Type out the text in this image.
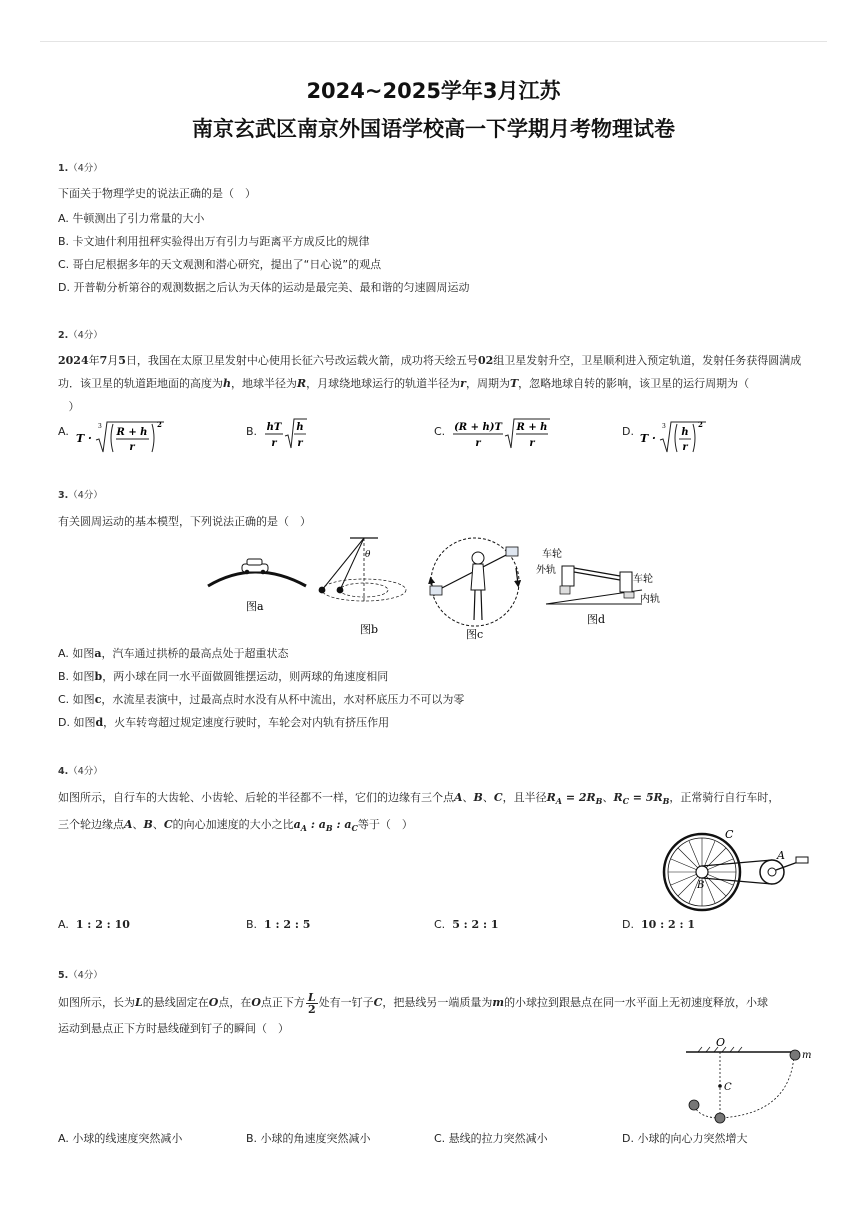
2024~2025学年3月江苏
南京玄武区南京外国语学校高一下学期月考物理试卷
1.（4分）
下面关于物理学史的说法正确的是（　）
A. 牛顿测出了引力常量的大小
B. 卡文迪什利用扭秤实验得出万有引力与距离平方成反比的规律
C. 哥白尼根据多年的天文观测和潜心研究，提出了“日心说”的观点
D. 开普勒分析第谷的观测数据之后认为天体的运动是最完美、最和谐的匀速圆周运动
2.（4分）
2024年7月5日，我国在太原卫星发射中心使用长征六号改运载火箭，成功将天绘五号02组卫星发射升空，卫星顺利进入预定轨道，发射任务获得圆满成功．该卫星的轨道距地面的高度为h，地球半径为R，月球绕地球运行的轨道半径为r，周期为T，忽略地球自转的影响，该卫星的运行周期为（
）
A.
T ·
3
R + h
r
2
B. hT
r
h
r
C. (R + h)T
r
R + h
r
D.
T ·
3
h
r
2
3.（4分）
有关圆周运动的基本模型，下列说法正确的是（　）
图a
θ
图b	图c
车轮
外轨
车轮
内轨
图d
A. 如图a，汽车通过拱桥的最高点处于超重状态
B. 如图b，两小球在同一水平面做圆锥摆运动，则两球的角速度相同
C. 如图c，水流星表演中，过最高点时水没有从杯中流出，水对杯底压力不可以为零
D. 如图d，火车转弯超过规定速度行驶时，车轮会对内轨有挤压作用
4.（4分）
如图所示，自行车的大齿轮、小齿轮、后轮的半径都不一样，它们的边缘有三个点A、B、C，且半径$R_A = 2R_B$、$R_C = 5R_B$，正常骑行自行车时，
三个轮边缘点A、B、C的向心加速度的大小之比$a_A$ : $a_B$ : $a_C$等于（　）
C
A
B
A. 1 : 2 : 10	B. 1 : 2 : 5	C. 5 : 2 : 1	D. 10 : 2 : 1
5.（4分）
如图所示，长为L的悬线固定在O点，在O点正下方 $\frac{L}{2}$ 处有一钉子C，把悬线另一端质量为m的小球拉到跟悬点在同一水平面上无初速度释放，小球
运动到悬点正下方时悬线碰到钉子的瞬间（　）
O
C
m
A. 小球的线速度突然减小	B. 小球的角速度突然减小	C. 悬线的拉力突然减小	D. 小球的向心力突然增大
